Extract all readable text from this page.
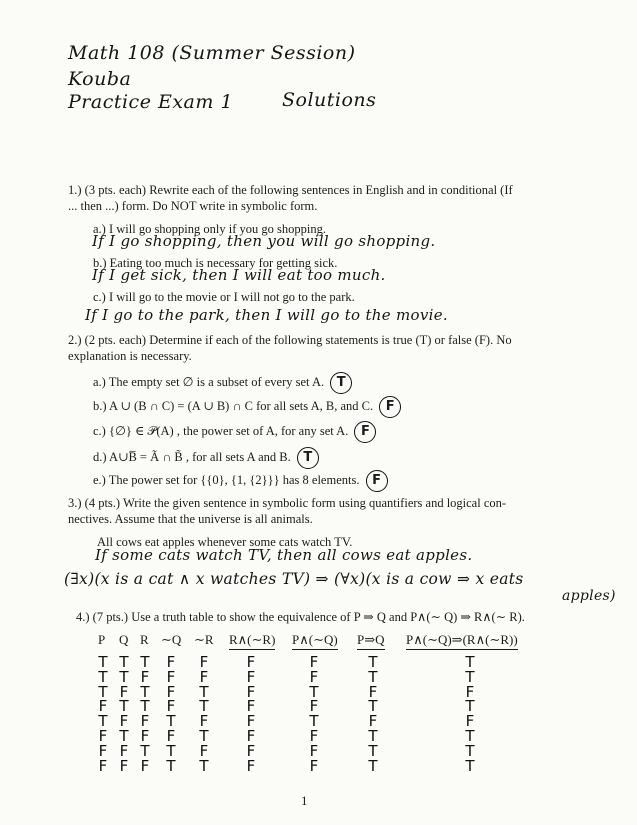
Math 108 (Summer Session)
Kouba
Practice Exam 1	Solutions
1.) (3 pts. each) Rewrite each of the following sentences in English and in conditional (If
... then ...) form. Do NOT write in symbolic form.
a.) I will go shopping only if you go shopping.
If I go shopping, then you will go shopping.
b.) Eating too much is necessary for getting sick.
If I get sick, then I will eat too much.
c.) I will go to the movie or I will not go to the park.
If I go to the park, then I will go to the movie.
2.) (2 pts. each) Determine if each of the following statements is true (T) or false (F). No
explanation is necessary.
a.) The empty set ∅ is a subset of every set A. T
b.) A ∪ (B ∩ C) = (A ∪ B) ∩ C for all sets A, B, and C. F
c.) {∅} ∈ 𝒫(A) , the power set of A, for any set A. F
d.) A∪B̅ = Ã ∩ B̃ , for all sets A and B. T
e.) The power set for {{0}, {1, {2}}} has 8 elements. F
3.) (4 pts.) Write the given sentence in symbolic form using quantifiers and logical con-
nectives. Assume that the universe is all animals.
All cows eat apples whenever some cats watch TV.
If some cats watch TV, then all cows eat apples.
(∃x)(x is a cat ∧ x watches TV) ⇒ (∀x)(x is a cow ⇒ x eats
apples)
4.) (7 pts.) Use a truth table to show the equivalence of P ⇒ Q and P∧(∼ Q) ⇒ R∧(∼ R).
P Q R ∼Q ∼R R∧(∼R) P∧(∼Q) P⇒Q P∧(∼Q)⇒(R∧(∼R))
T
T
T
F
T
F
F
F
T
T
F
T
F
T
F
F
T
F
T
T
F
F
T
F
F
F
F
F
T
F
T
T
F
F
T
T
F
T
F
T
F
F
F
F
F
F
F
F
F
F
T
F
T
F
F
F
T
T
F
T
F
T
T
T
T
T
F
T
F
T
T
T
1
